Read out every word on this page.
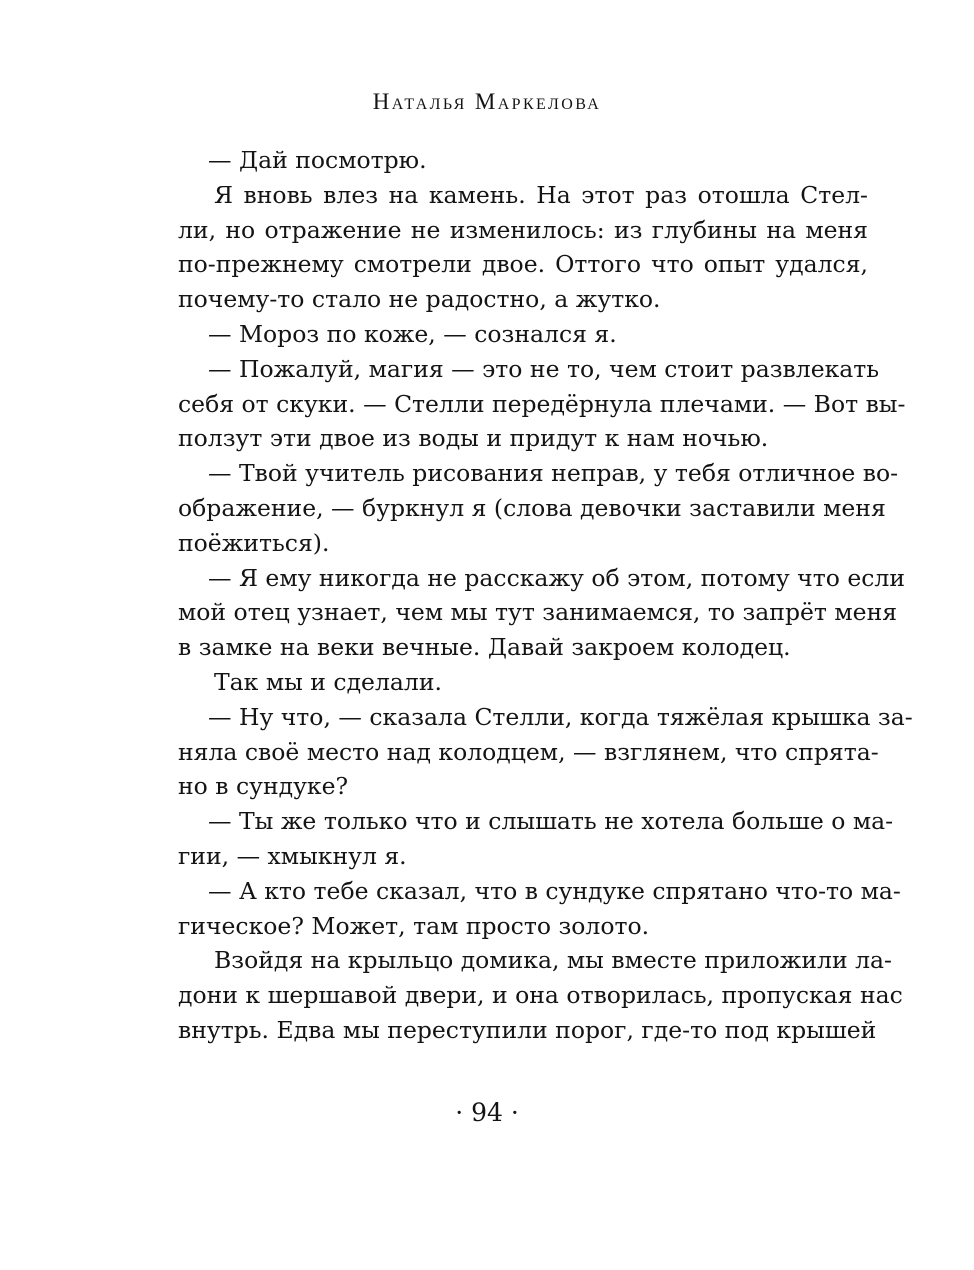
Наталья Маркелова
— Дай посмотрю.
Я вновь влез на камень. На этот раз отошла Стел-
ли, но отражение не изменилось: из глубины на меня
по-прежнему смотрели двое. Оттого что опыт удался,
почему-то стало не радостно, а жутко.
— Мороз по коже, — сознался я.
— Пожалуй, магия — это не то, чем стоит развлекать
себя от скуки. — Стелли передёрнула плечами. — Вот вы-
ползут эти двое из воды и придут к нам ночью.
— Твой учитель рисования неправ, у тебя отличное во-
ображение, — буркнул я (слова девочки заставили меня
поёжиться).
— Я ему никогда не расскажу об этом, потому что если
мой отец узнает, чем мы тут занимаемся, то запрёт меня
в замке на веки вечные. Давай закроем колодец.
Так мы и сделали.
— Ну что, — сказала Стелли, когда тяжёлая крышка за-
няла своё место над колодцем, — взглянем, что спрята-
но в сундуке?
— Ты же только что и слышать не хотела больше о ма-
гии, — хмыкнул я.
— А кто тебе сказал, что в сундуке спрятано что-то ма-
гическое? Может, там просто золото.
Взойдя на крыльцо домика, мы вместе приложили ла-
дони к шершавой двери, и она отворилась, пропуская нас
внутрь. Едва мы переступили порог, где-то под крышей
· 94 ·
